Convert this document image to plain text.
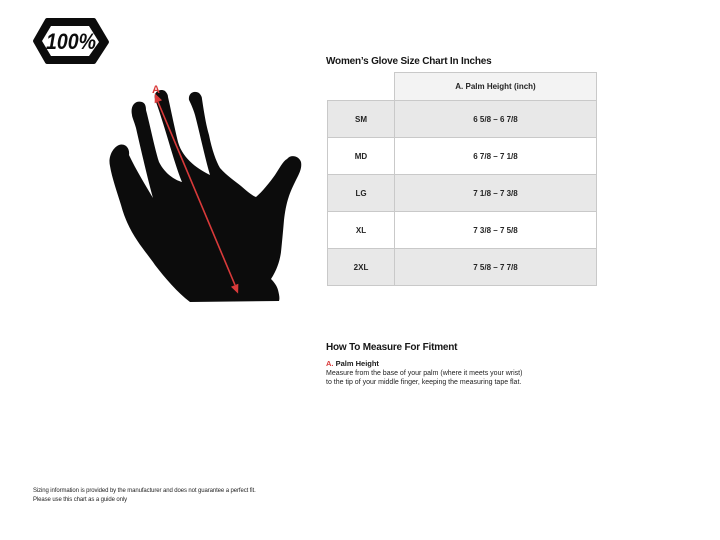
100%
A
Women’s Glove Size Chart In Inches
	A. Palm Height (inch)
SM	6 5/8 – 6 7/8
MD	6 7/8 – 7 1/8
LG	7 1/8 – 7 3/8
XL	7 3/8 – 7 5/8
2XL	7 5/8 – 7 7/8
How To Measure For Fitment
A. Palm Height

Measure from the base of your palm (where it meets your wrist) to the tip of your middle finger, keeping the measuring tape flat.

Sizing information is provided by the manufacturer and does not guarantee a perfect fit.
Please use this chart as a guide only
